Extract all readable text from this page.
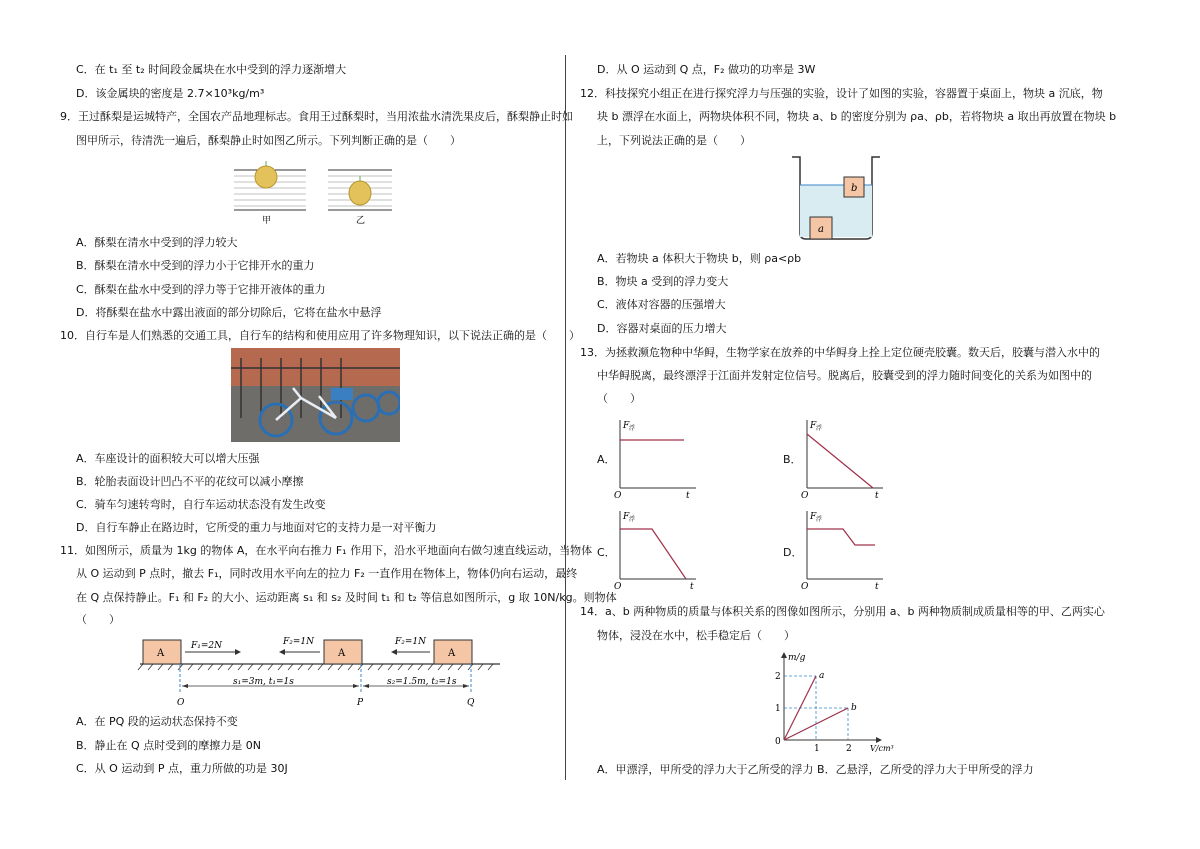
C．在 t₁ 至 t₂ 时间段金属块在水中受到的浮力逐渐增大
D．该金属块的密度是 2.7×10³kg/m³
9．王过酥梨是运城特产，全国农产品地理标志。食用王过酥梨时，当用浓盐水清洗果皮后，酥梨静止时如
图甲所示，待清洗一遍后，酥梨静止时如图乙所示。下列判断正确的是（　　）
甲	乙
A．酥梨在清水中受到的浮力较大
B．酥梨在清水中受到的浮力小于它排开水的重力
C．酥梨在盐水中受到的浮力等于它排开液体的重力
D．将酥梨在盐水中露出液面的部分切除后，它将在盐水中悬浮
10．自行车是人们熟悉的交通工具，自行车的结构和使用应用了许多物理知识，以下说法正确的是（　　）
A．车座设计的面积较大可以增大压强
B．轮胎表面设计凹凸不平的花纹可以减小摩擦
C．骑车匀速转弯时，自行车运动状态没有发生改变
D．自行车静止在路边时，它所受的重力与地面对它的支持力是一对平衡力
11．如图所示，质量为 1kg 的物体 A，在水平向右推力 F₁ 作用下，沿水平地面向右做匀速直线运动，当物体
从 O 运动到 P 点时，撤去 F₁，同时改用水平向左的拉力 F₂ 一直作用在物体上，物体仍向右运动，最终
在 Q 点保持静止。F₁ 和 F₂ 的大小、运动距离 s₁ 和 s₂ 及时间 t₁ 和 t₂ 等信息如图所示，g 取 10N/kg。则物体
（　　）
A	A	A
F₁=2N	F₂=1N	F₂=1N
s₁=3m, t₁=1s	s₂=1.5m, t₂=1s
O	P	Q
A．在 PQ 段的运动状态保持不变
B．静止在 Q 点时受到的摩擦力是 0N
C．从 O 运动到 P 点，重力所做的功是 30J
D．从 O 运动到 Q 点，F₂ 做功的功率是 3W
12．科技探究小组正在进行探究浮力与压强的实验，设计了如图的实验，容器置于桌面上，物块 a 沉底，物
块 b 漂浮在水面上，两物块体积不同，物块 a、b 的密度分别为 ρa、ρb，若将物块 a 取出再放置在物块 b
上，下列说法正确的是（　　）
b
a
A．若物块 a 体积大于物块 b，则 ρa<ρb
B．物块 a 受到的浮力变大
C．液体对容器的压强增大
D．容器对桌面的压力增大
13．为拯救濒危物种中华鲟，生物学家在放养的中华鲟身上拴上定位硬壳胶囊。数天后，胶囊与潜入水中的
中华鲟脱离，最终漂浮于江面并发射定位信号。脱离后，胶囊受到的浮力随时间变化的关系为如图中的
（　　）
A．
F 浮
O	t
B．
F 浮
O	t
C．
F 浮
O	t
D．
F 浮
O	t
14．a、b 两种物质的质量与体积关系的图像如图所示，分别用 a、b 两种物质制成质量相等的甲、乙两实心
物体，浸没在水中，松手稳定后（　　）
m/g
V/cm³
a
b
2
1
0
1	2
A．甲漂浮，甲所受的浮力大于乙所受的浮力 B．乙悬浮，乙所受的浮力大于甲所受的浮力
